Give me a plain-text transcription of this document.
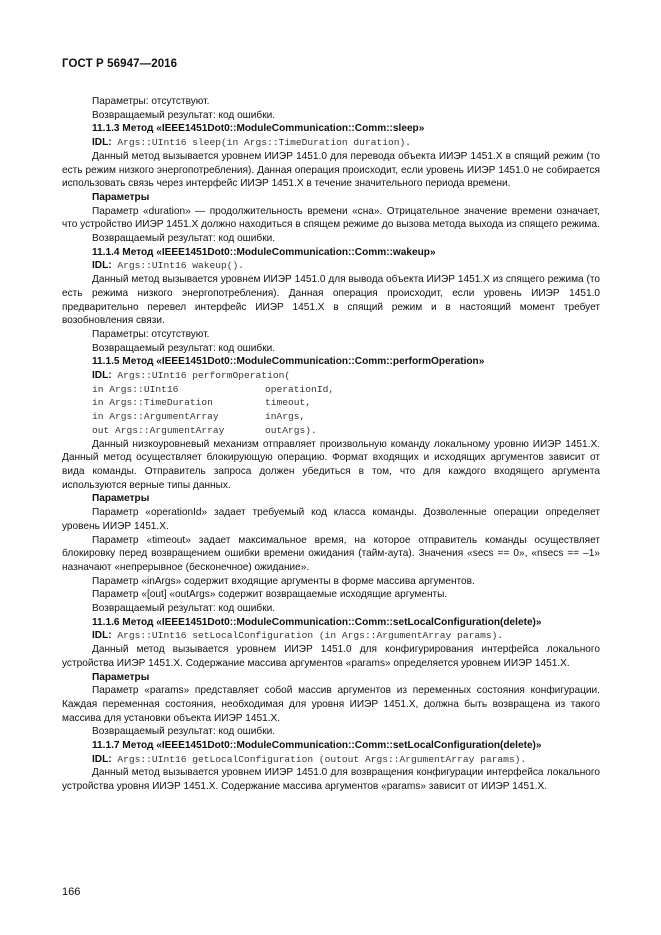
ГОСТ Р 56947—2016

Параметры: отсутствуют.

Возвращаемый результат: код ошибки.

11.1.3 Метод «IEEE1451Dot0::ModuleCommunication::Comm::sleep»

IDL: Args::UInt16 sleep(in Args::TimeDuration duration).

Данный метод вызывается уровнем ИИЭР 1451.0 для перевода объекта ИИЭР 1451.X в спящий режим (то есть режим низкого энергопотребления). Данная операция происходит, если уровень ИИЭР 1451.0 не собирается использовать связь через интерфейс ИИЭР 1451.X в течение значительного периода времени.

Параметры

Параметр «duration» — продолжительность времени «сна». Отрицательное значение времени означает, что устройство ИИЭР 1451.X должно находиться в спящем режиме до вызова метода выхода из спящего режима.

Возвращаемый результат: код ошибки.

11.1.4 Метод «IEEE1451Dot0::ModuleCommunication::Comm::wakeup»

IDL: Args::UInt16 wakeup().

Данный метод вызывается уровнем ИИЭР 1451.0 для вывода объекта ИИЭР 1451.X из спящего режима (то есть режима низкого энергопотребления). Данная операция происходит, если уровень ИИЭР 1451.0 предварительно перевел интерфейс ИИЭР 1451.X в спящий режим и в настоящий момент требует возобновления связи.

Параметры: отсутствуют.

Возвращаемый результат: код ошибки.

11.1.5 Метод «IEEE1451Dot0::ModuleCommunication::Comm::performOperation»

IDL: Args::UInt16 performOperation(

in Args::UInt16	operationId,
in Args::TimeDuration	timeout,
in Args::ArgumentArray	inArgs,
out Args::ArgumentArray	outArgs).

Данный низкоуровневый механизм отправляет произвольную команду локальному уровню ИИЭР 1451.X. Данный метод осуществляет блокирующую операцию. Формат входящих и исходящих аргументов зависит от вида команды. Отправитель запроса должен убедиться в том, что для каждого входящего аргумента используются верные типы данных.

Параметры

Параметр «operationId» задает требуемый код класса команды. Дозволенные операции определяет уровень ИИЭР 1451.X.

Параметр «timeout» задает максимальное время, на которое отправитель команды осуществляет блокировку перед возвращением ошибки времени ожидания (тайм-аута). Значения «secs == 0», «nsecs == –1» назначают «непрерывное (бесконечное) ожидание».

Параметр «inArgs» содержит входящие аргументы в форме массива аргументов.

Параметр «[out] «outArgs» содержит возвращаемые исходящие аргументы.

Возвращаемый результат: код ошибки.

11.1.6 Метод «IEEE1451Dot0::ModuleCommunication::Comm::setLocalConfiguration(delete)»

IDL: Args::UInt16 setLocalConfiguration (in Args::ArgumentArray params).

Данный метод вызывается уровнем ИИЭР 1451.0 для конфигурирования интерфейса локального устройства ИИЭР 1451.X. Содержание массива аргументов «params» определяется уровнем ИИЭР 1451.X.

Параметры

Параметр «params» представляет собой массив аргументов из переменных состояния конфигурации. Каждая переменная состояния, необходимая для уровня ИИЭР 1451.X, должна быть возвращена из такого массива для установки объекта ИИЭР 1451.X.

Возвращаемый результат: код ошибки.

11.1.7 Метод «IEEE1451Dot0::ModuleCommunication::Comm::setLocalConfiguration(delete)»

IDL: Args::UInt16 getLocalConfiguration (outout Args::ArgumentArray params).

Данный метод вызывается уровнем ИИЭР 1451.0 для возвращения конфигурации интерфейса локального устройства уровня ИИЭР 1451.X. Содержание массива аргументов «params» зависит от ИИЭР 1451.X.

166
